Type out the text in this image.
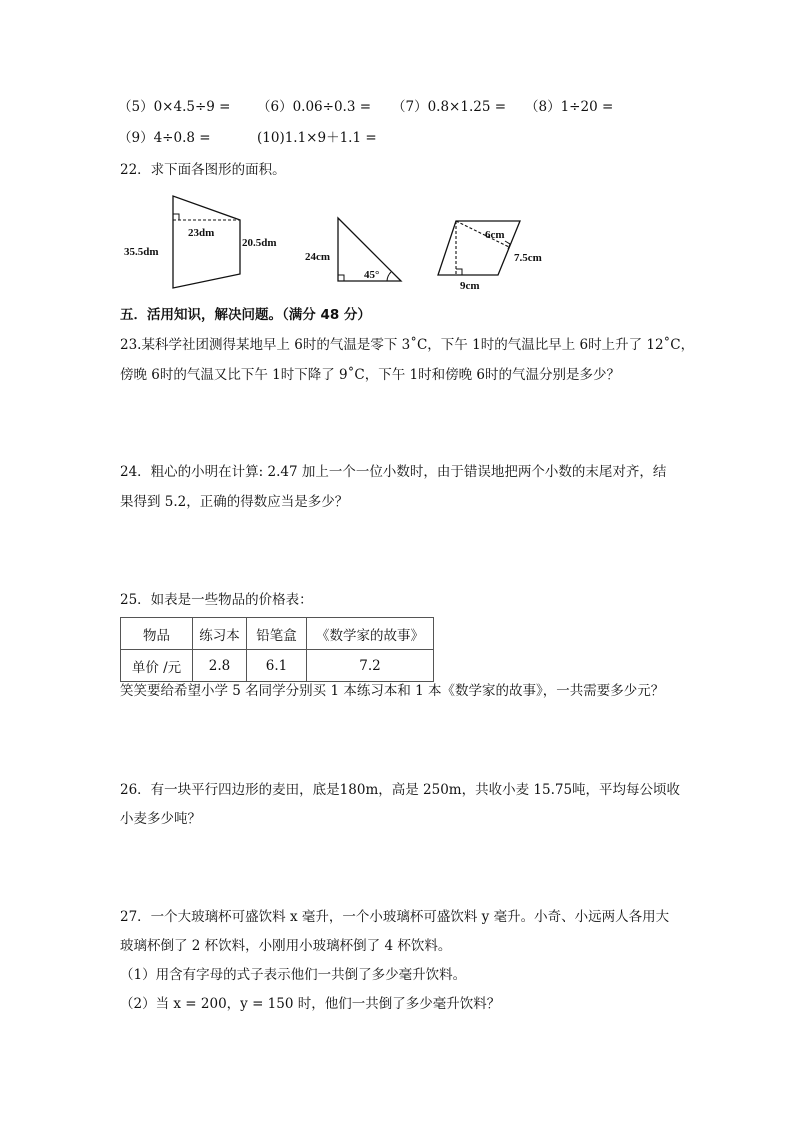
（5）0×4.5÷9 = （6）0.06÷0.3 = （7）0.8×1.25 = （8）1÷20 =
（9）4÷0.8 =	(10)1.1×9＋1.1 =
22．求下面各图形的面积。
35.5dm
23dm
20.5dm
24cm
45°
6cm
7.5cm
9cm
五．活用知识，解决问题。（满分 48 分）
23.某科学社团测得某地早上 6时的气温是零下 3˚C，下午 1时的气温比早上 6时上升了 12˚C，
傍晚 6时的气温又比下午 1时下降了 9˚C，下午 1时和傍晚 6时的气温分别是多少？
24．粗心的小明在计算: 2.47 加上一个一位小数时，由于错误地把两个小数的末尾对齐，结
果得到 5.2，正确的得数应当是多少？
25．如表是一些物品的价格表：
物品	练习本	铅笔盒	《数学家的故事》
单价 /元	2.8	6.1	7.2
笑笑要给希望小学 5 名同学分别买 1 本练习本和 1 本《数学家的故事》，一共需要多少元？
26．有一块平行四边形的麦田，底是180m，高是 250m，共收小麦 15.75吨，平均每公顷收
小麦多少吨？
27．一个大玻璃杯可盛饮料 x 毫升，一个小玻璃杯可盛饮料 y 毫升。小奇、小远两人各用大
玻璃杯倒了 2 杯饮料，小刚用小玻璃杯倒了 4 杯饮料。
（1）用含有字母的式子表示他们一共倒了多少毫升饮料。
（2）当 x = 200，y = 150 时，他们一共倒了多少毫升饮料？
